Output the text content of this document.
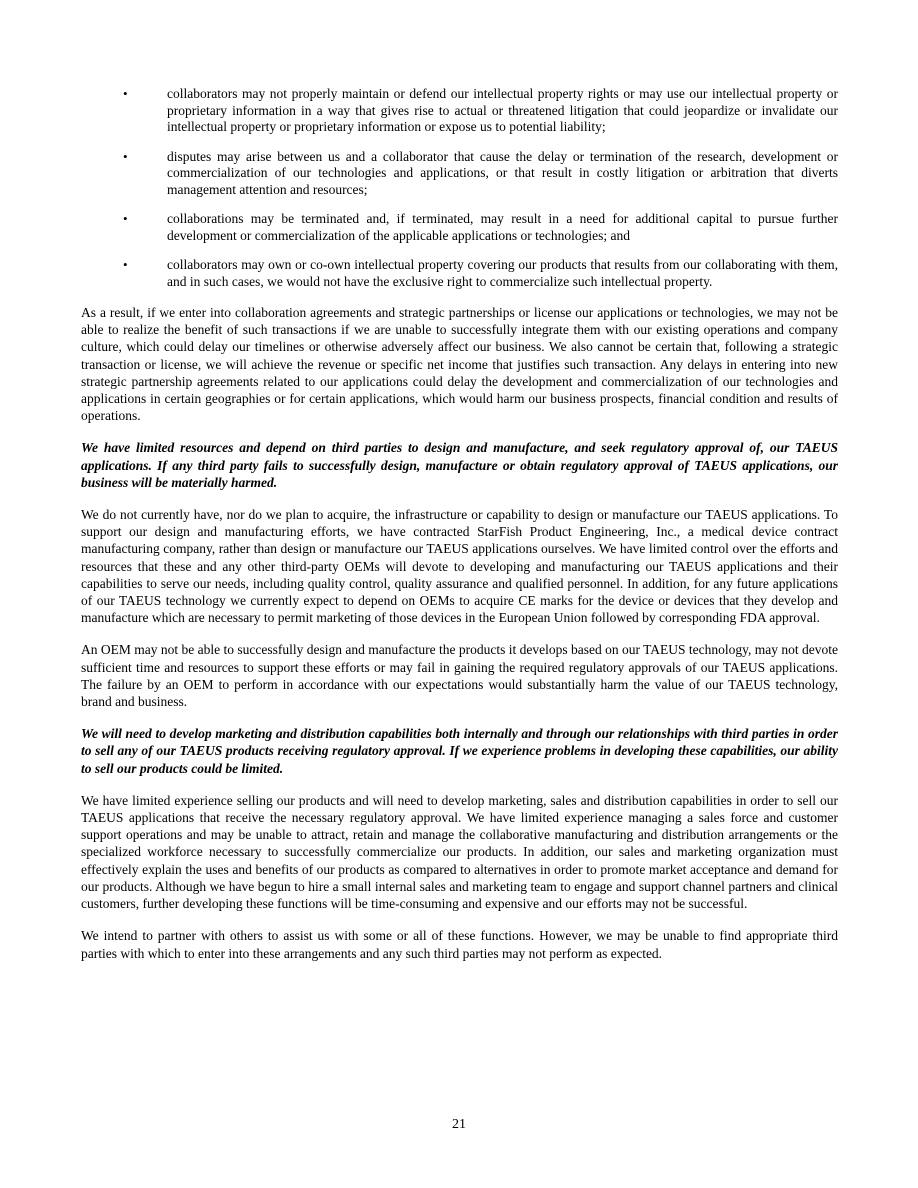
•	collaborators may not properly maintain or defend our intellectual property rights or may use our intellectual property or proprietary information in a way that gives rise to actual or threatened litigation that could jeopardize or invalidate our intellectual property or proprietary information or expose us to potential liability;
•	disputes may arise between us and a collaborator that cause the delay or termination of the research, development or commercialization of our technologies and applications, or that result in costly litigation or arbitration that diverts management attention and resources;
•	collaborations may be terminated and, if terminated, may result in a need for additional capital to pursue further development or commercialization of the applicable applications or technologies; and
•	collaborators may own or co-own intellectual property covering our products that results from our collaborating with them, and in such cases, we would not have the exclusive right to commercialize such intellectual property.

As a result, if we enter into collaboration agreements and strategic partnerships or license our applications or technologies, we may not be able to realize the benefit of such transactions if we are unable to successfully integrate them with our existing operations and company culture, which could delay our timelines or otherwise adversely affect our business. We also cannot be certain that, following a strategic transaction or license, we will achieve the revenue or specific net income that justifies such transaction. Any delays in entering into new strategic partnership agreements related to our applications could delay the development and commercialization of our technologies and applications in certain geographies or for certain applications, which would harm our business prospects, financial condition and results of operations.

We have limited resources and depend on third parties to design and manufacture, and seek regulatory approval of, our TAEUS applications. If any third party fails to successfully design, manufacture or obtain regulatory approval of TAEUS applications, our business will be materially harmed.

We do not currently have, nor do we plan to acquire, the infrastructure or capability to design or manufacture our TAEUS applications. To support our design and manufacturing efforts, we have contracted StarFish Product Engineering, Inc., a medical device contract manufacturing company, rather than design or manufacture our TAEUS applications ourselves. We have limited control over the efforts and resources that these and any other third-party OEMs will devote to developing and manufacturing our TAEUS applications and their capabilities to serve our needs, including quality control, quality assurance and qualified personnel. In addition, for any future applications of our TAEUS technology we currently expect to depend on OEMs to acquire CE marks for the device or devices that they develop and manufacture which are necessary to permit marketing of those devices in the European Union followed by corresponding FDA approval.

An OEM may not be able to successfully design and manufacture the products it develops based on our TAEUS technology, may not devote sufficient time and resources to support these efforts or may fail in gaining the required regulatory approvals of our TAEUS applications. The failure by an OEM to perform in accordance with our expectations would substantially harm the value of our TAEUS technology, brand and business.

We will need to develop marketing and distribution capabilities both internally and through our relationships with third parties in order to sell any of our TAEUS products receiving regulatory approval. If we experience problems in developing these capabilities, our ability to sell our products could be limited.

We have limited experience selling our products and will need to develop marketing, sales and distribution capabilities in order to sell our TAEUS applications that receive the necessary regulatory approval. We have limited experience managing a sales force and customer support operations and may be unable to attract, retain and manage the collaborative manufacturing and distribution arrangements or the specialized workforce necessary to successfully commercialize our products. In addition, our sales and marketing organization must effectively explain the uses and benefits of our products as compared to alternatives in order to promote market acceptance and demand for our products. Although we have begun to hire a small internal sales and marketing team to engage and support channel partners and clinical customers, further developing these functions will be time-consuming and expensive and our efforts may not be successful.

We intend to partner with others to assist us with some or all of these functions. However, we may be unable to find appropriate third parties with which to enter into these arrangements and any such third parties may not perform as expected.

21
